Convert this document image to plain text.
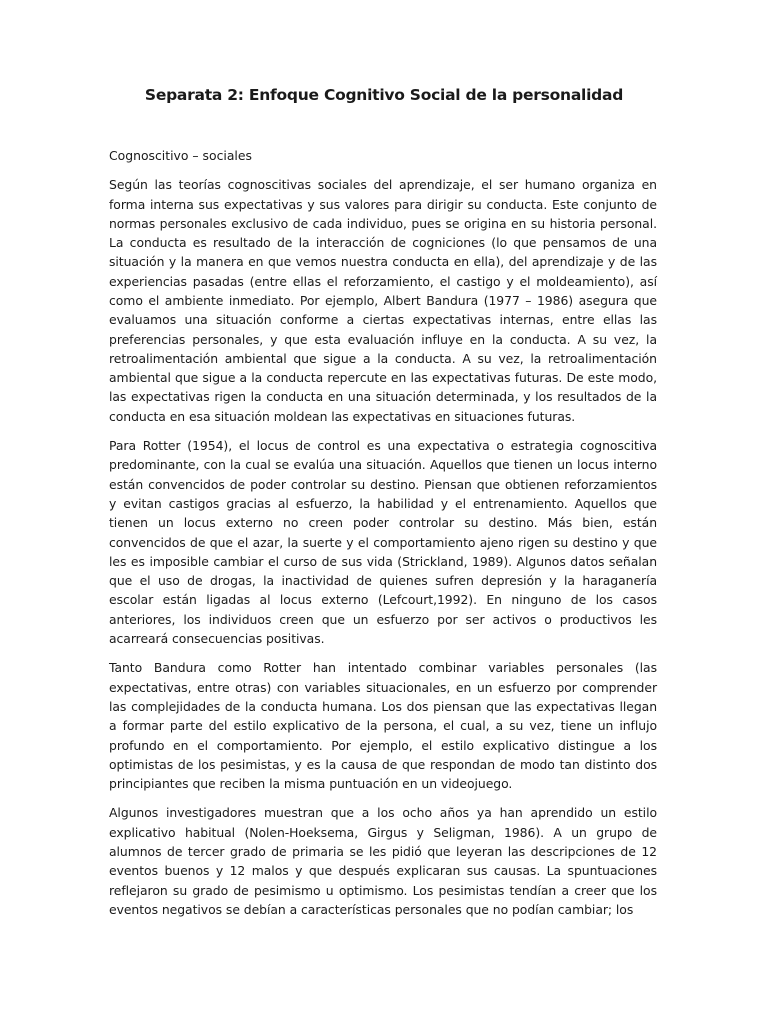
Separata 2: Enfoque Cognitivo Social de la personalidad

Cognoscitivo – sociales

Según las teorías cognoscitivas sociales del aprendizaje, el ser humano organiza en forma interna sus expectativas y sus valores para dirigir su conducta. Este conjunto de normas personales exclusivo de cada individuo, pues se origina en su historia personal. La conducta es resultado de la interacción de cogniciones (lo que pensamos de una situación y la manera en que vemos nuestra conducta en ella), del aprendizaje y de las experiencias pasadas (entre ellas el reforzamiento, el castigo y el moldeamiento), así como el ambiente inmediato. Por ejemplo, Albert Bandura (1977 – 1986) asegura que evaluamos una situación conforme a ciertas expectativas internas, entre ellas las preferencias personales, y que esta evaluación influye en la conducta. A su vez, la retroalimentación ambiental que sigue a la conducta. A su vez, la retroalimentación ambiental que sigue a la conducta repercute en las expectativas futuras. De este modo, las expectativas rigen la conducta en una situación determinada, y los resultados de la conducta en esa situación moldean las expectativas en situaciones futuras.

Para Rotter (1954), el locus de control es una expectativa o estrategia cognoscitiva predominante, con la cual se evalúa una situación. Aquellos que tienen un locus interno están convencidos de poder controlar su destino. Piensan que obtienen reforzamientos y evitan castigos gracias al esfuerzo, la habilidad y el entrenamiento. Aquellos que tienen un locus externo no creen poder controlar su destino. Más bien, están convencidos de que el azar, la suerte y el comportamiento ajeno rigen su destino y que les es imposible cambiar el curso de sus vida (Strickland, 1989). Algunos datos señalan que el uso de drogas, la inactividad de quienes sufren depresión y la haraganería escolar están ligadas al locus externo (Lefcourt,1992). En ninguno de los casos anteriores, los individuos creen que un esfuerzo por ser activos o productivos les acarreará consecuencias positivas.

Tanto Bandura como Rotter han intentado combinar variables personales (las expectativas, entre otras) con variables situacionales, en un esfuerzo por comprender las complejidades de la conducta humana. Los dos piensan que las expectativas llegan a formar parte del estilo explicativo de la persona, el cual, a su vez, tiene un influjo profundo en el comportamiento. Por ejemplo, el estilo explicativo distingue a los optimistas de los pesimistas, y es la causa de que respondan de modo tan distinto dos principiantes que reciben la misma puntuación en un videojuego.

Algunos investigadores muestran que a los ocho años ya han aprendido un estilo explicativo habitual (Nolen-Hoeksema, Girgus y Seligman, 1986). A un grupo de alumnos de tercer grado de primaria se les pidió que leyeran las descripciones de 12 eventos buenos y 12 malos y que después explicaran sus causas. La spuntuaciones reflejaron su grado de pesimismo u optimismo. Los pesimistas tendían a creer que los eventos negativos se debían a características personales que no podían cambiar; los
